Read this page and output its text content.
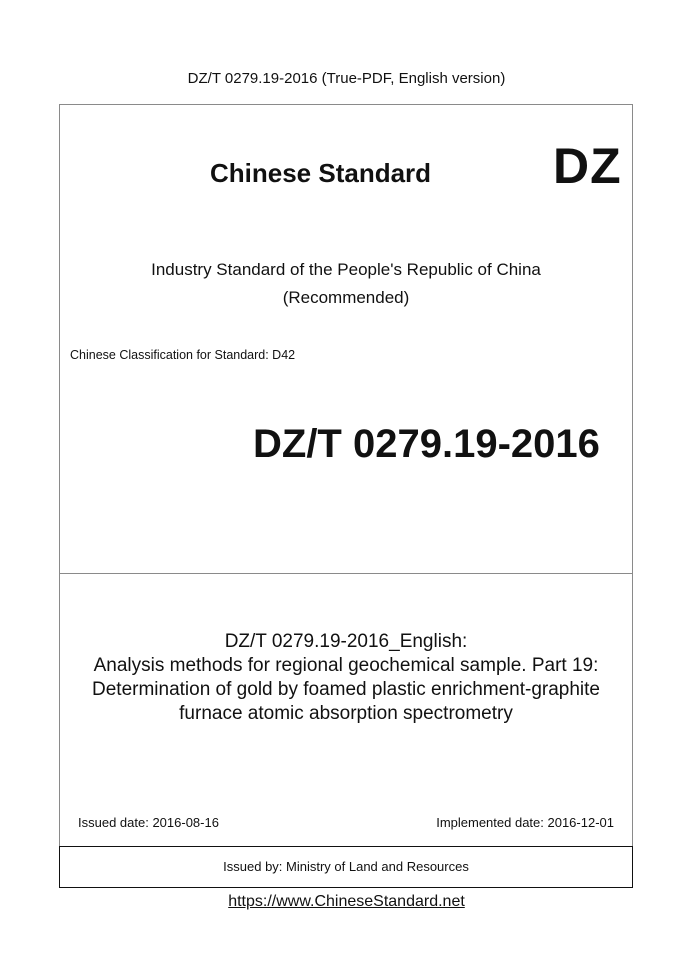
DZ/T 0279.19-2016 (True-PDF, English version)
Chinese Standard DZ
Industry Standard of the People's Republic of China
(Recommended)
Chinese Classification for Standard: D42
DZ/T 0279.19-2016
DZ/T 0279.19-2016_English:
Analysis methods for regional geochemical sample. Part 19:
Determination of gold by foamed plastic enrichment-graphite
furnace atomic absorption spectrometry
Issued date: 2016-08-16	Implemented date: 2016-12-01
Issued by: Ministry of Land and Resources
https://www.ChineseStandard.net
